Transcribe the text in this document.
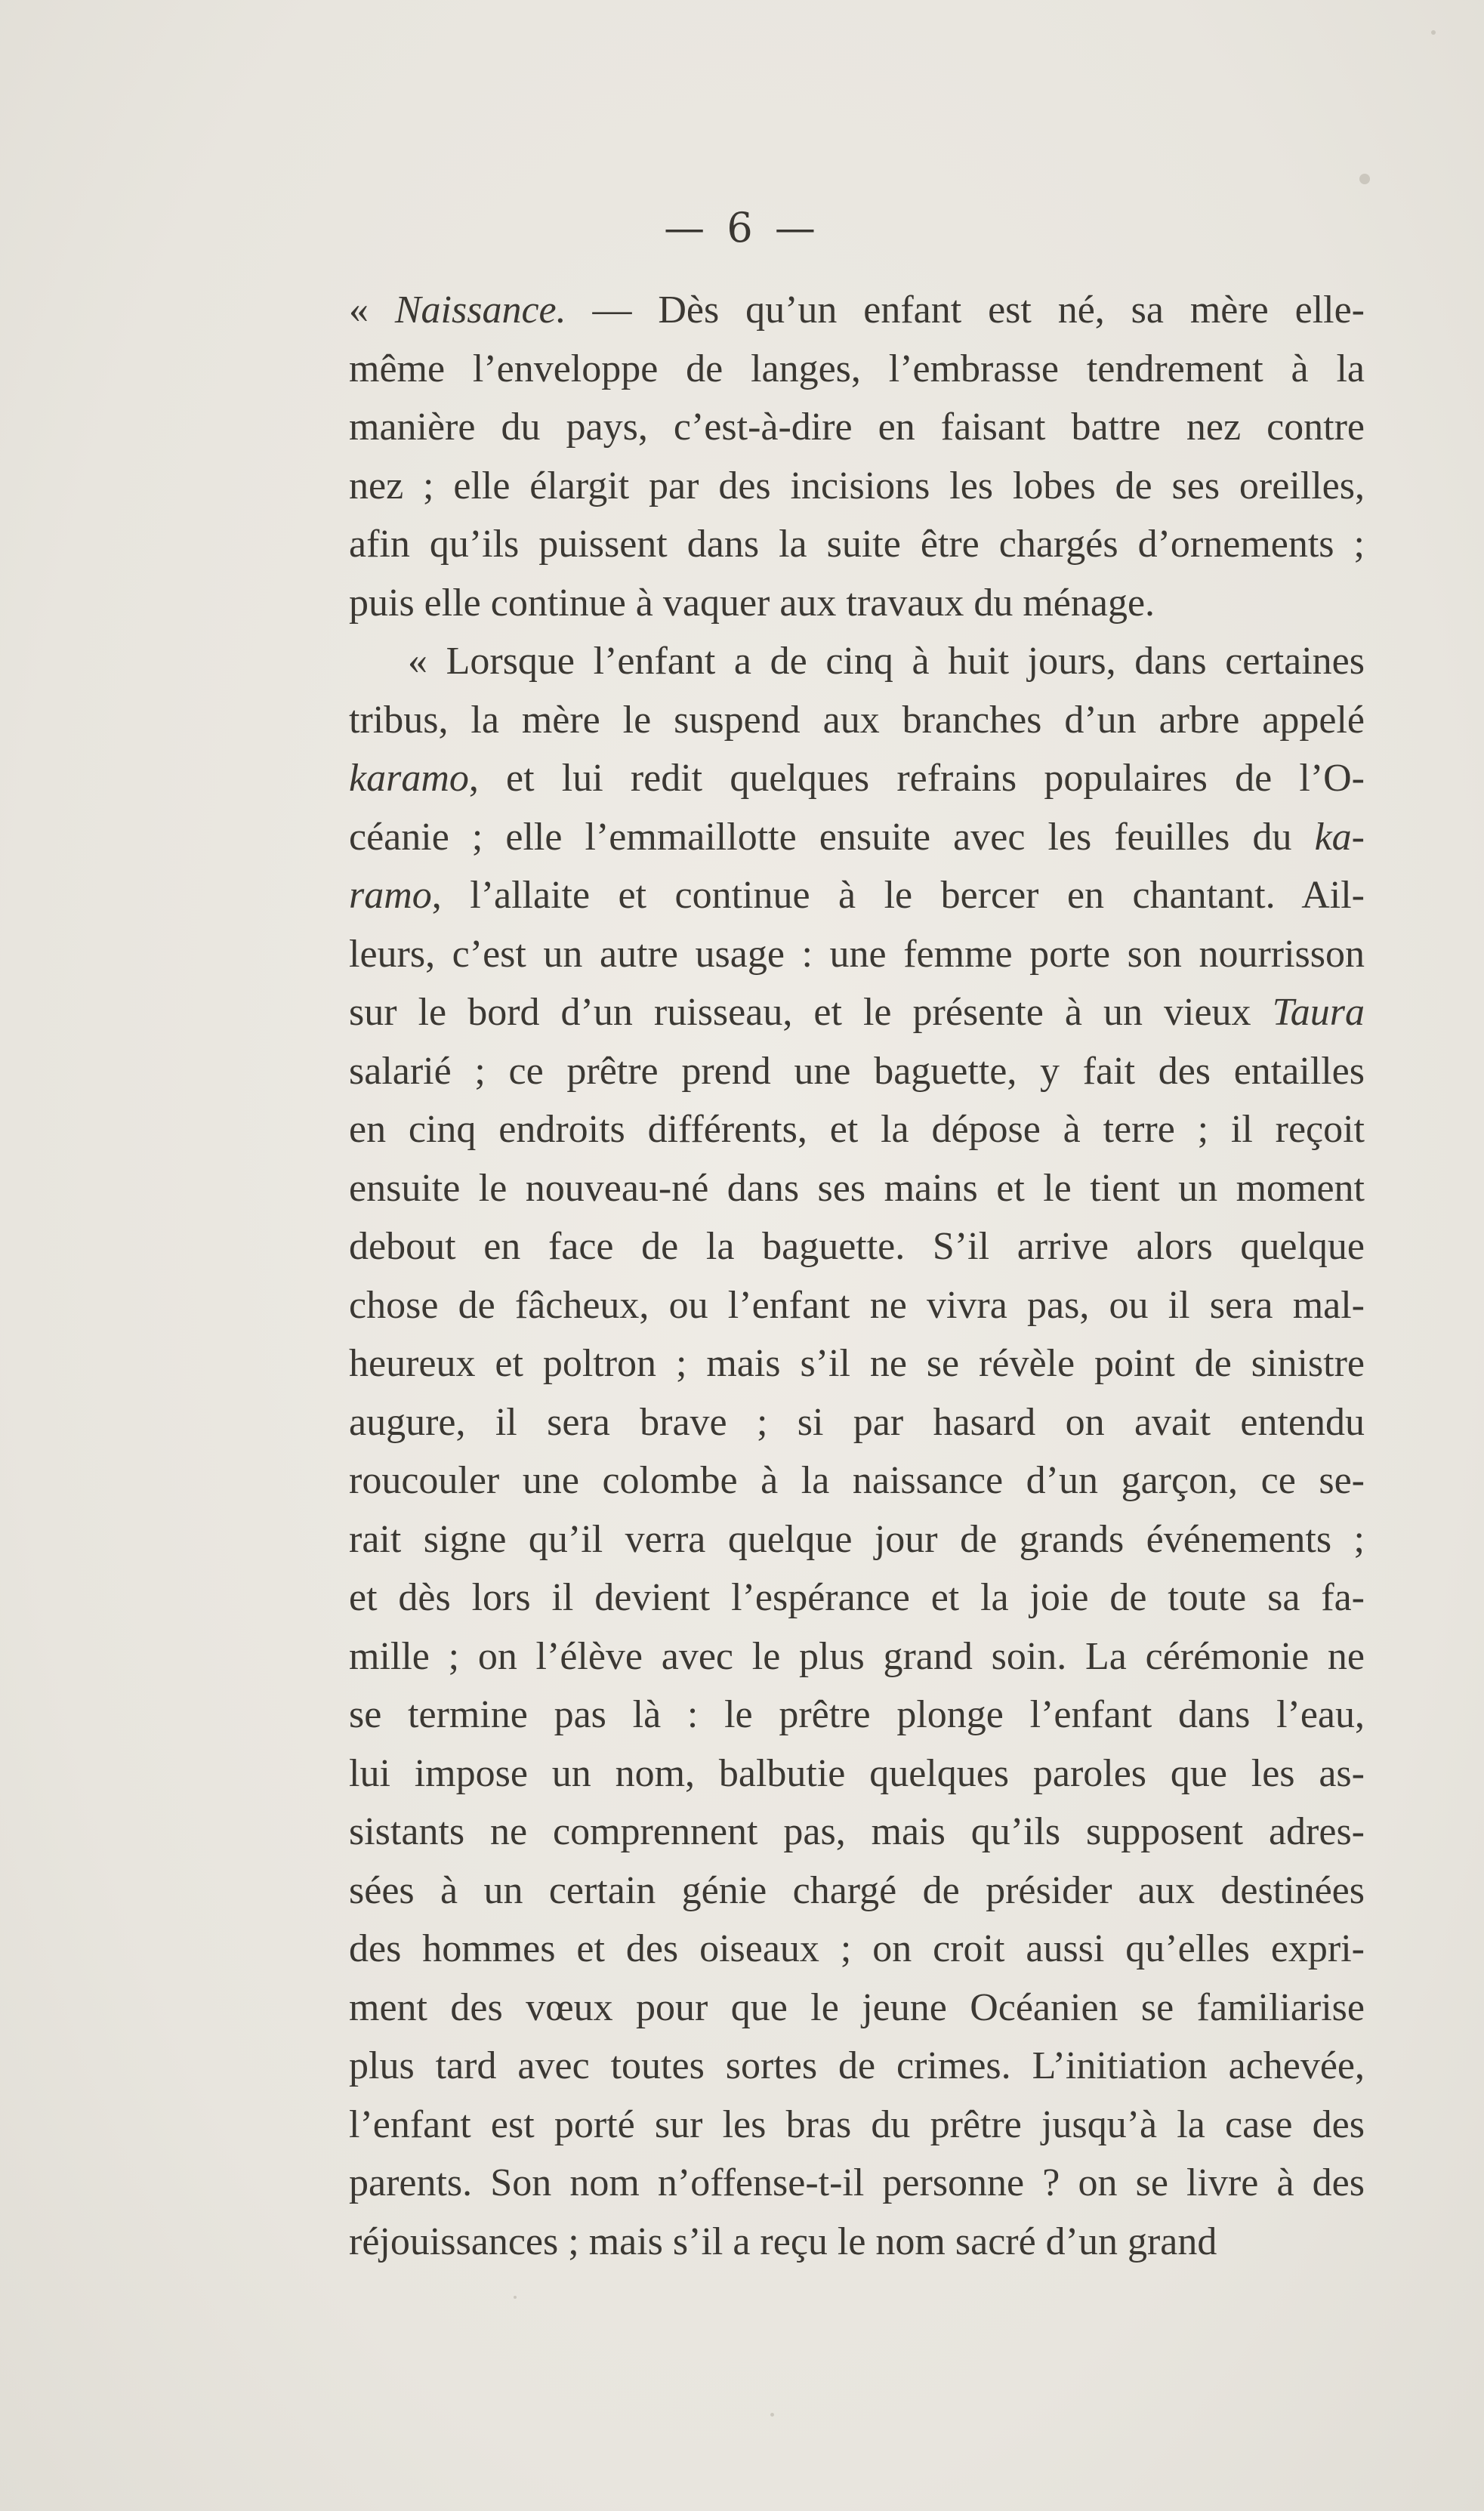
— 6 —
« Naissance. — Dès qu’un enfant est né, sa mère elle-
même l’enveloppe de langes, l’embrasse tendrement à la
manière du pays, c’est-à-dire en faisant battre nez contre
nez ; elle élargit par des incisions les lobes de ses oreilles,
afin qu’ils puissent dans la suite être chargés d’ornements ;
puis elle continue à vaquer aux travaux du ménage.
« Lorsque l’enfant a de cinq à huit jours, dans certaines
tribus, la mère le suspend aux branches d’un arbre appelé
karamo, et lui redit quelques refrains populaires de l’O-
céanie ; elle l’emmaillotte ensuite avec les feuilles du ka-
ramo, l’allaite et continue à le bercer en chantant. Ail-
leurs, c’est un autre usage : une femme porte son nourrisson
sur le bord d’un ruisseau, et le présente à un vieux Taura
salarié ; ce prêtre prend une baguette, y fait des entailles
en cinq endroits différents, et la dépose à terre ; il reçoit
ensuite le nouveau-né dans ses mains et le tient un moment
debout en face de la baguette. S’il arrive alors quelque
chose de fâcheux, ou l’enfant ne vivra pas, ou il sera mal-
heureux et poltron ; mais s’il ne se révèle point de sinistre
augure, il sera brave ; si par hasard on avait entendu
roucouler une colombe à la naissance d’un garçon, ce se-
rait signe qu’il verra quelque jour de grands événements ;
et dès lors il devient l’espérance et la joie de toute sa fa-
mille ; on l’élève avec le plus grand soin. La cérémonie ne
se termine pas là : le prêtre plonge l’enfant dans l’eau,
lui impose un nom, balbutie quelques paroles que les as-
sistants ne comprennent pas, mais qu’ils supposent adres-
sées à un certain génie chargé de présider aux destinées
des hommes et des oiseaux ; on croit aussi qu’elles expri-
ment des vœux pour que le jeune Océanien se familiarise
plus tard avec toutes sortes de crimes. L’initiation achevée,
l’enfant est porté sur les bras du prêtre jusqu’à la case des
parents. Son nom n’offense-t-il personne ? on se livre à des
réjouissances ; mais s’il a reçu le nom sacré d’un grand
